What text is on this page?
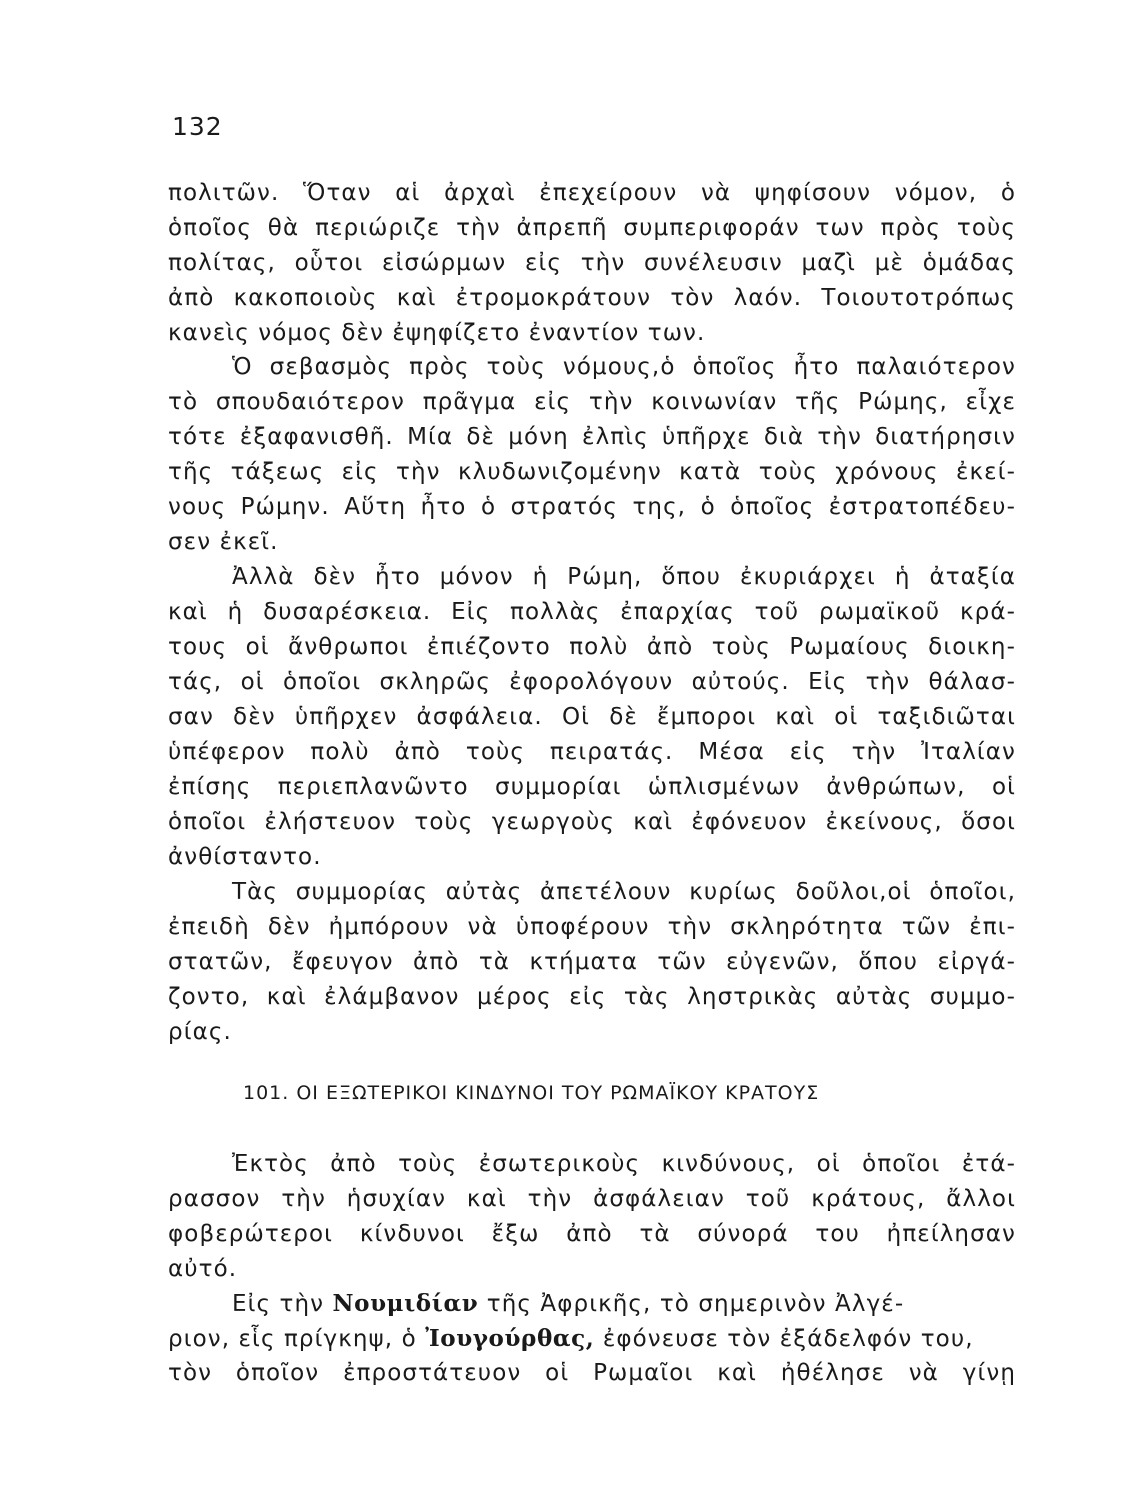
132
πολιτῶν. Ὅταν αἱ ἀρχαὶ ἐπεχείρουν νὰ ψηφίσουν νόμον, ὁ
ὁποῖος θὰ περιώριζε τὴν ἀπρεπῆ συμπεριφοράν των πρὸς τοὺς
πολίτας, οὗτοι εἰσώρμων εἰς τὴν συνέλευσιν μαζὶ μὲ ὁμάδας
ἀπὸ κακοποιοὺς καὶ ἐτρομοκράτουν τὸν λαόν. Τοιουτοτρόπως
κανεὶς νόμος δὲν ἐψηφίζετο ἐναντίον των.
Ὁ σεβασμὸς πρὸς τοὺς νόμους,ὁ ὁποῖος ἦτο παλαιότερον
τὸ σπουδαιότερον πρᾶγμα εἰς τὴν κοινωνίαν τῆς Ρώμης, εἶχε
τότε ἐξαφανισθῆ. Μία δὲ μόνη ἐλπὶς ὑπῆρχε διὰ τὴν διατήρησιν
τῆς τάξεως εἰς τὴν κλυδωνιζομένην κατὰ τοὺς χρόνους ἐκεί-
νους Ρώμην. Αὕτη ἦτο ὁ στρατός της, ὁ ὁποῖος ἐστρατοπέδευ-
σεν ἐκεῖ.
Ἀλλὰ δὲν ἦτο μόνον ἡ Ρώμη, ὅπου ἐκυριάρχει ἡ ἀταξία
καὶ ἡ δυσαρέσκεια. Εἰς πολλὰς ἐπαρχίας τοῦ ρωμαϊκοῦ κρά-
τους οἱ ἄνθρωποι ἐπιέζοντο πολὺ ἀπὸ τοὺς Ρωμαίους διοικη-
τάς, οἱ ὁποῖοι σκληρῶς ἐφορολόγουν αὐτούς. Εἰς τὴν θάλασ-
σαν δὲν ὑπῆρχεν ἀσφάλεια. Οἱ δὲ ἔμποροι καὶ οἱ ταξιδιῶται
ὑπέφερον πολὺ ἀπὸ τοὺς πειρατάς. Μέσα εἰς τὴν Ἰταλίαν
ἐπίσης περιεπλανῶντο συμμορίαι ὡπλισμένων ἀνθρώπων, οἱ
ὁποῖοι ἐλήστευον τοὺς γεωργοὺς καὶ ἐφόνευον ἐκείνους, ὅσοι
ἀνθίσταντο.
Τὰς συμμορίας αὐτὰς ἀπετέλουν κυρίως δοῦλοι,οἱ ὁποῖοι,
ἐπειδὴ δὲν ἠμπόρουν νὰ ὑποφέρουν τὴν σκληρότητα τῶν ἐπι-
στατῶν, ἔφευγον ἀπὸ τὰ κτήματα τῶν εὐγενῶν, ὅπου εἰργά-
ζοντο, καὶ ἐλάμβανον μέρος εἰς τὰς ληστρικὰς αὐτὰς συμμο-
ρίας.
101. ΟΙ ΕΞΩΤΕΡΙΚΟΙ ΚΙΝΔΥΝΟΙ ΤΟΥ ΡΩΜΑΪΚΟΥ ΚΡΑΤΟΥΣ
Ἐκτὸς ἀπὸ τοὺς ἐσωτερικοὺς κινδύνους, οἱ ὁποῖοι ἐτά-
ρασσον τὴν ἡσυχίαν καὶ τὴν ἀσφάλειαν τοῦ κράτους, ἄλλοι
φοβερώτεροι κίνδυνοι ἔξω ἀπὸ τὰ σύνορά του ἠπείλησαν
αὐτό.
Εἰς τὴν Νουμιδίαν τῆς Ἀφρικῆς, τὸ σημερινὸν Ἀλγέ-
ριον, εἷς πρίγκηψ, ὁ Ἰουγούρθας, ἐφόνευσε τὸν ἐξάδελφόν του,
τὸν ὁποῖον ἐπροστάτευον οἱ Ρωμαῖοι καὶ ἠθέλησε νὰ γίνῃ
